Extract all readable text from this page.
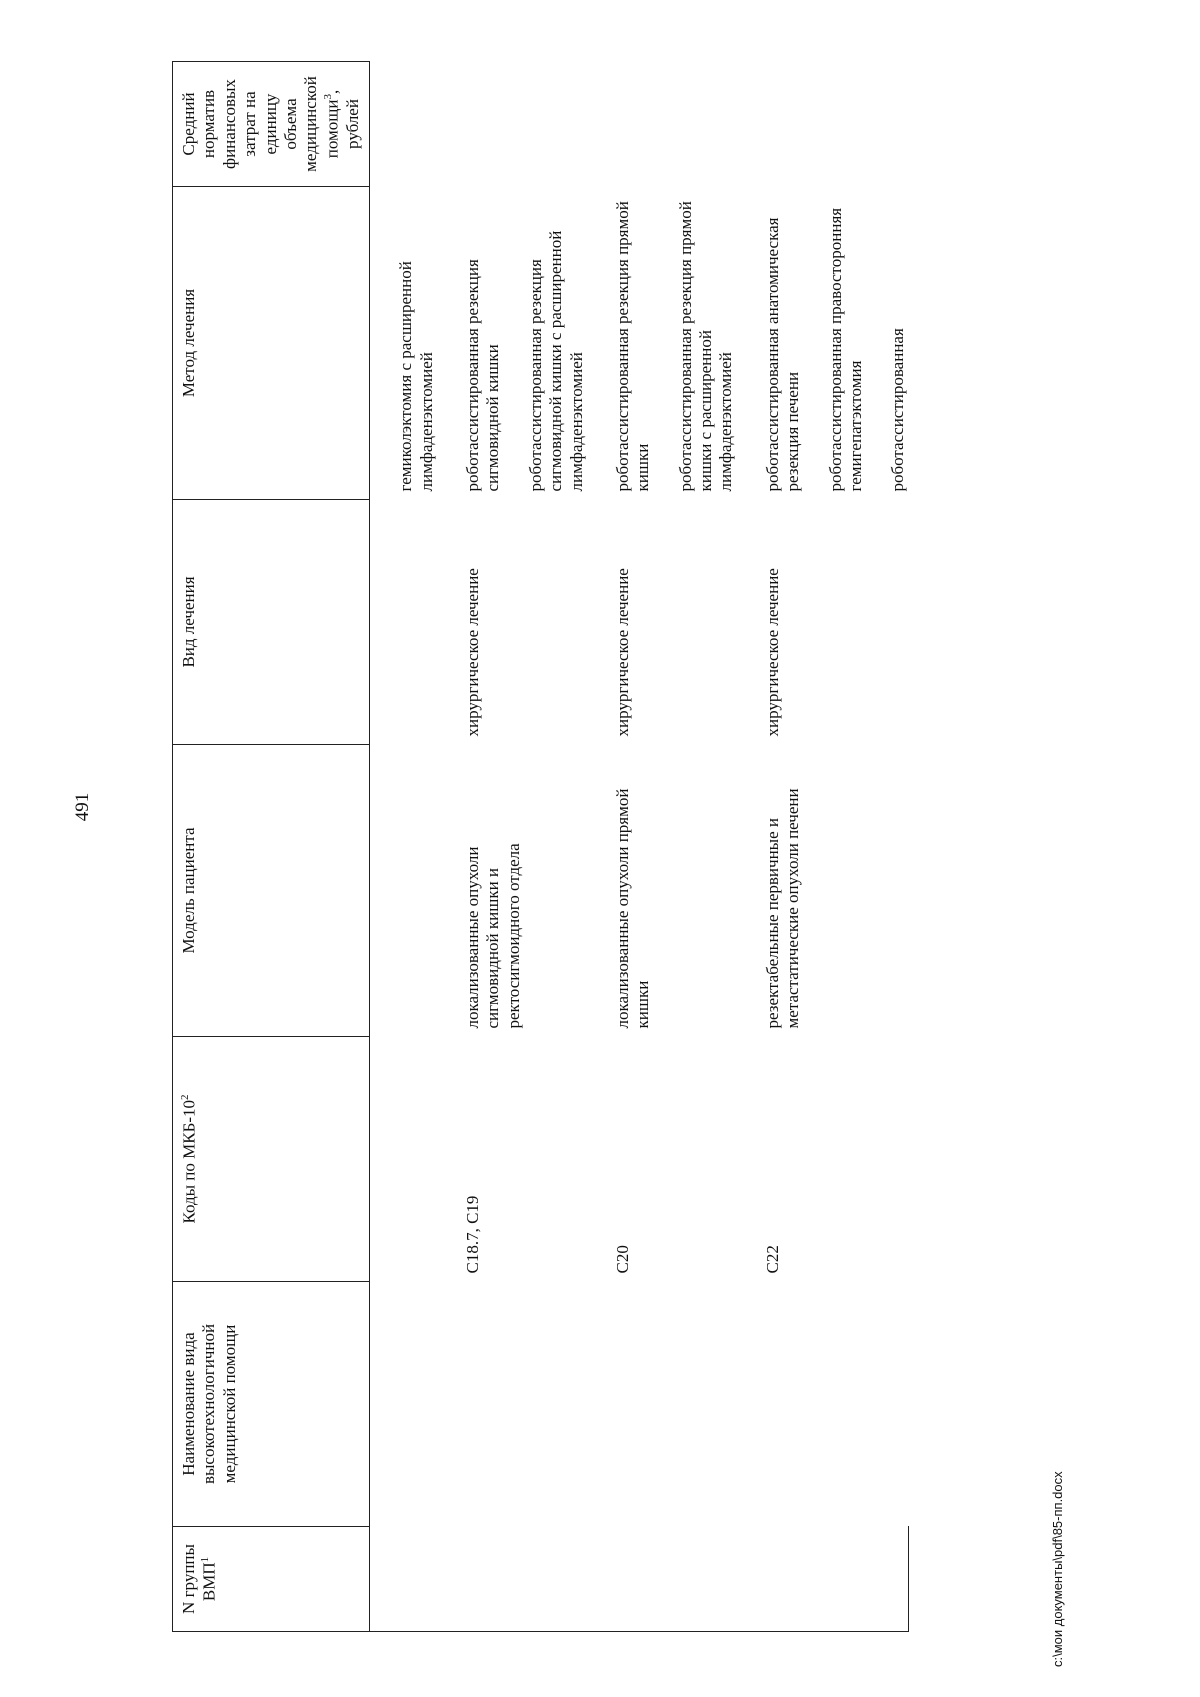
491
N группы ВМП$^1$	Наименование вида высокотехнологичной медицинской помощи	Коды по МКБ-$10^2$	Модель пациента	Вид лечения	Метод лечения	Средний норматив финансовых затрат на единицу объема медицинской помощи$^3$, рублей

					гемиколэктомия с расширенной лимфаденэктомией	

		C18.7, C19	локализованные опухоли сигмовидной кишки и ректосигмоидного отдела	хирургическое лечение	роботассистированная резекция сигмовидной кишки роботассистированная резекция сигмовидной кишки с расширенной лимфаденэктомией	

		C20	локализованные опухоли прямой кишки	хирургическое лечение	роботассистированная резекция прямой кишки роботассистированная резекция прямой кишки с расширенной лимфаденэктомией	

		C22	резектабельные первичные и метастатические опухоли печени	хирургическое лечение	роботассистированная анатомическая резекция печени роботассистированная правосторонняя гемигепатэктомия роботассистированная	

c:\мои документы\pdf\85-пп.docx
